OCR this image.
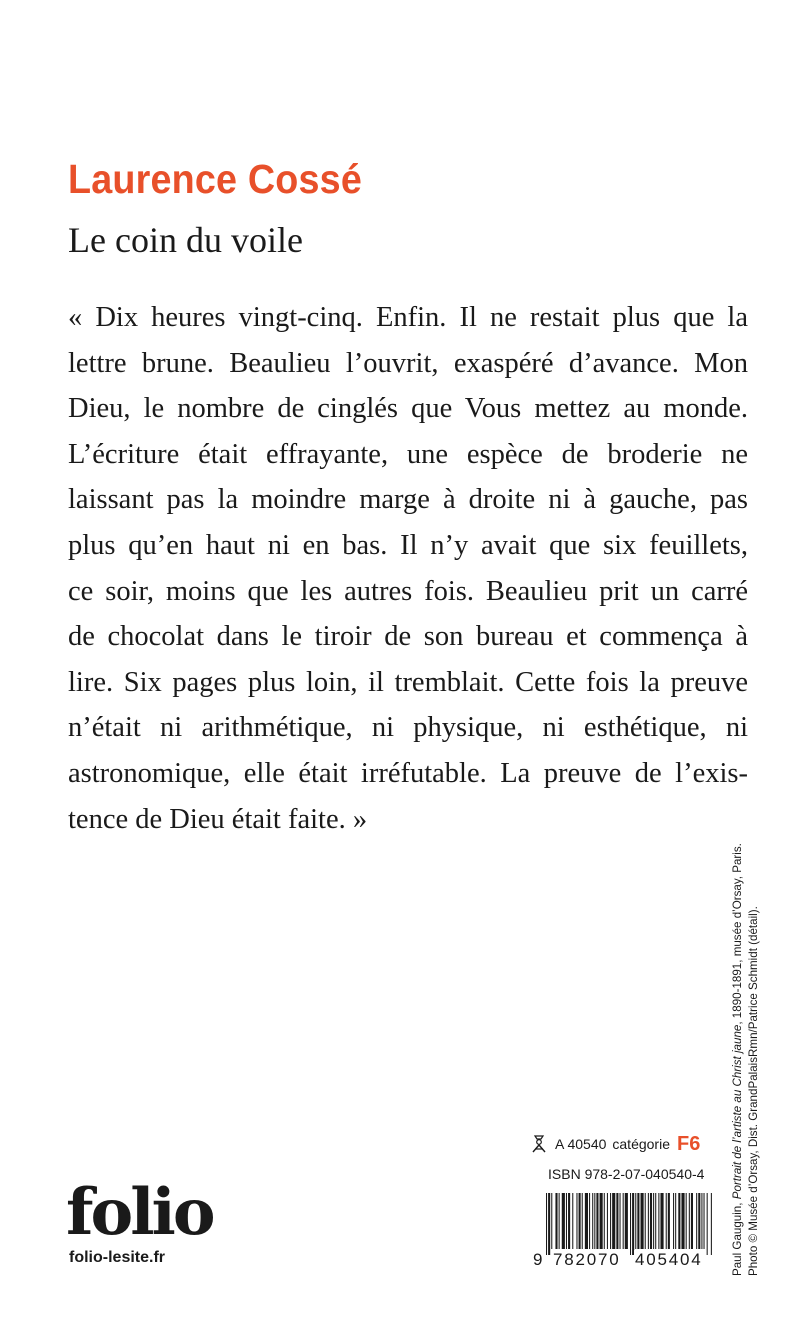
Laurence Cossé
Le coin du voile
« Dix heures vingt-cinq. Enfin. Il ne restait plus que la
lettre brune. Beaulieu l’ouvrit, exaspéré d’avance. Mon
Dieu, le nombre de cinglés que Vous mettez au monde.
L’écriture était effrayante, une espèce de broderie ne
laissant pas la moindre marge à droite ni à gauche, pas
plus qu’en haut ni en bas. Il n’y avait que six feuillets,
ce soir, moins que les autres fois. Beaulieu prit un carré
de chocolat dans le tiroir de son bureau et commença à
lire. Six pages plus loin, il tremblait. Cette fois la preuve
n’était ni arithmétique, ni physique, ni esthétique, ni
astronomique, elle était irréfutable. La preuve de l’exis-
tence de Dieu était faite. »
Paul Gauguin, Portrait de l’artiste au Christ jaune, 1890-1891, musée d’Orsay, Paris. Photo © Musée d’Orsay, Dist. GrandPalaisRmn/Patrice Schmidt (détail).
A 40540 catégorie F6
ISBN 978-2-07-040540-4
9 782070 405404
folio
folio-lesite.fr
